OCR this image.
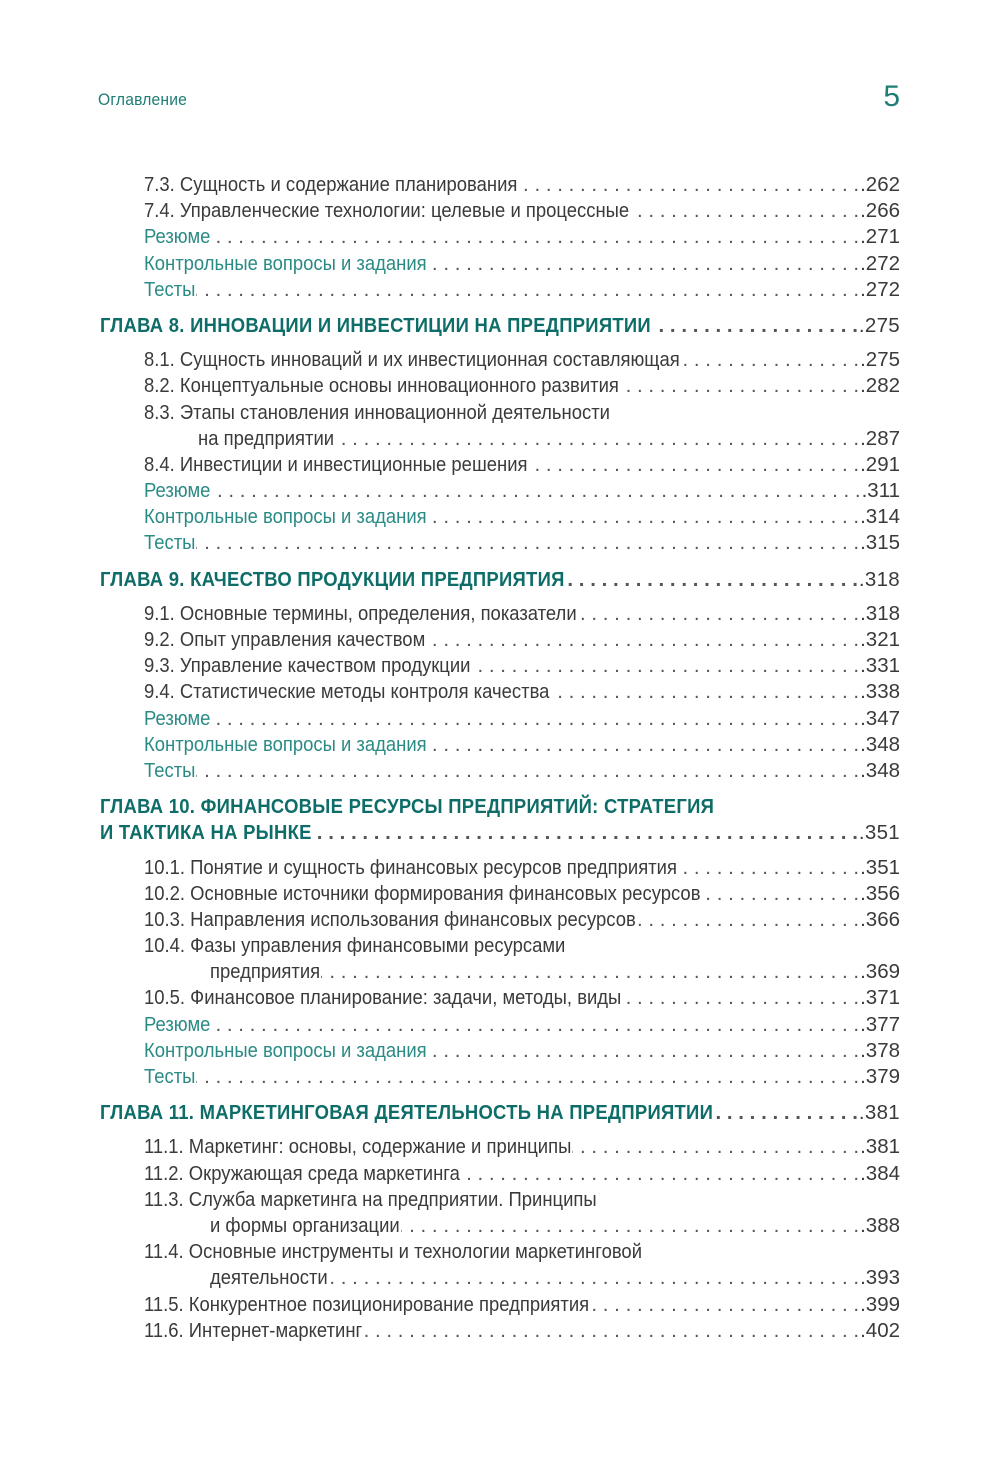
Оглавление	5
7.3. Сущность и содержание планирования . . .	.262
7.4. Управленческие технологии: целевые и процессные . . .	.266
Резюме . . .	.271
Контрольные вопросы и задания . . .	.272
Тесты . . .	.272
ГЛАВА 8. ИННОВАЦИИ И ИНВЕСТИЦИИ НА ПРЕДПРИЯТИИ . . .	.275
8.1. Сущность инноваций и их инвестиционная составляющая . . .	.275
8.2. Концептуальные основы инновационного развития . . .	.282
8.3. Этапы становления инновационной деятельности
на предприятии . . .	.287
8.4. Инвестиции и инвестиционные решения . . .	.291
Резюме . . .	.311
Контрольные вопросы и задания . . .	.314
Тесты . . .	.315
ГЛАВА 9. КАЧЕСТВО ПРОДУКЦИИ ПРЕДПРИЯТИЯ . . .	.318
9.1. Основные термины, определения, показатели . . .	.318
9.2. Опыт управления качеством . . .	.321
9.3. Управление качеством продукции . . .	.331
9.4. Статистические методы контроля качества . . .	.338
Резюме . . .	.347
Контрольные вопросы и задания . . .	.348
Тесты . . .	.348
ГЛАВА 10. ФИНАНСОВЫЕ РЕСУРСЫ ПРЕДПРИЯТИЙ: СТРАТЕГИЯ
И ТАКТИКА НА РЫНКЕ . . .	.351
10.1. Понятие и сущность финансовых ресурсов предприятия . . .	.351
10.2. Основные источники формирования финансовых ресурсов . . .	.356
10.3. Направления использования финансовых ресурсов . . .	.366
10.4. Фазы управления финансовыми ресурсами
предприятия . . .	.369
10.5. Финансовое планирование: задачи, методы, виды . . .	.371
Резюме . . .	.377
Контрольные вопросы и задания . . .	.378
Тесты . . .	.379
ГЛАВА 11. МАРКЕТИНГОВАЯ ДЕЯТЕЛЬНОСТЬ НА ПРЕДПРИЯТИИ . . .	.381
11.1. Маркетинг: основы, содержание и принципы . . .	.381
11.2. Окружающая среда маркетинга . . .	.384
11.3. Служба маркетинга на предприятии. Принципы
и формы организации . . .	.388
11.4. Основные инструменты и технологии маркетинговой
деятельности . . .	.393
11.5. Конкурентное позиционирование предприятия . . .	.399
11.6. Интернет-маркетинг . . .	.402
